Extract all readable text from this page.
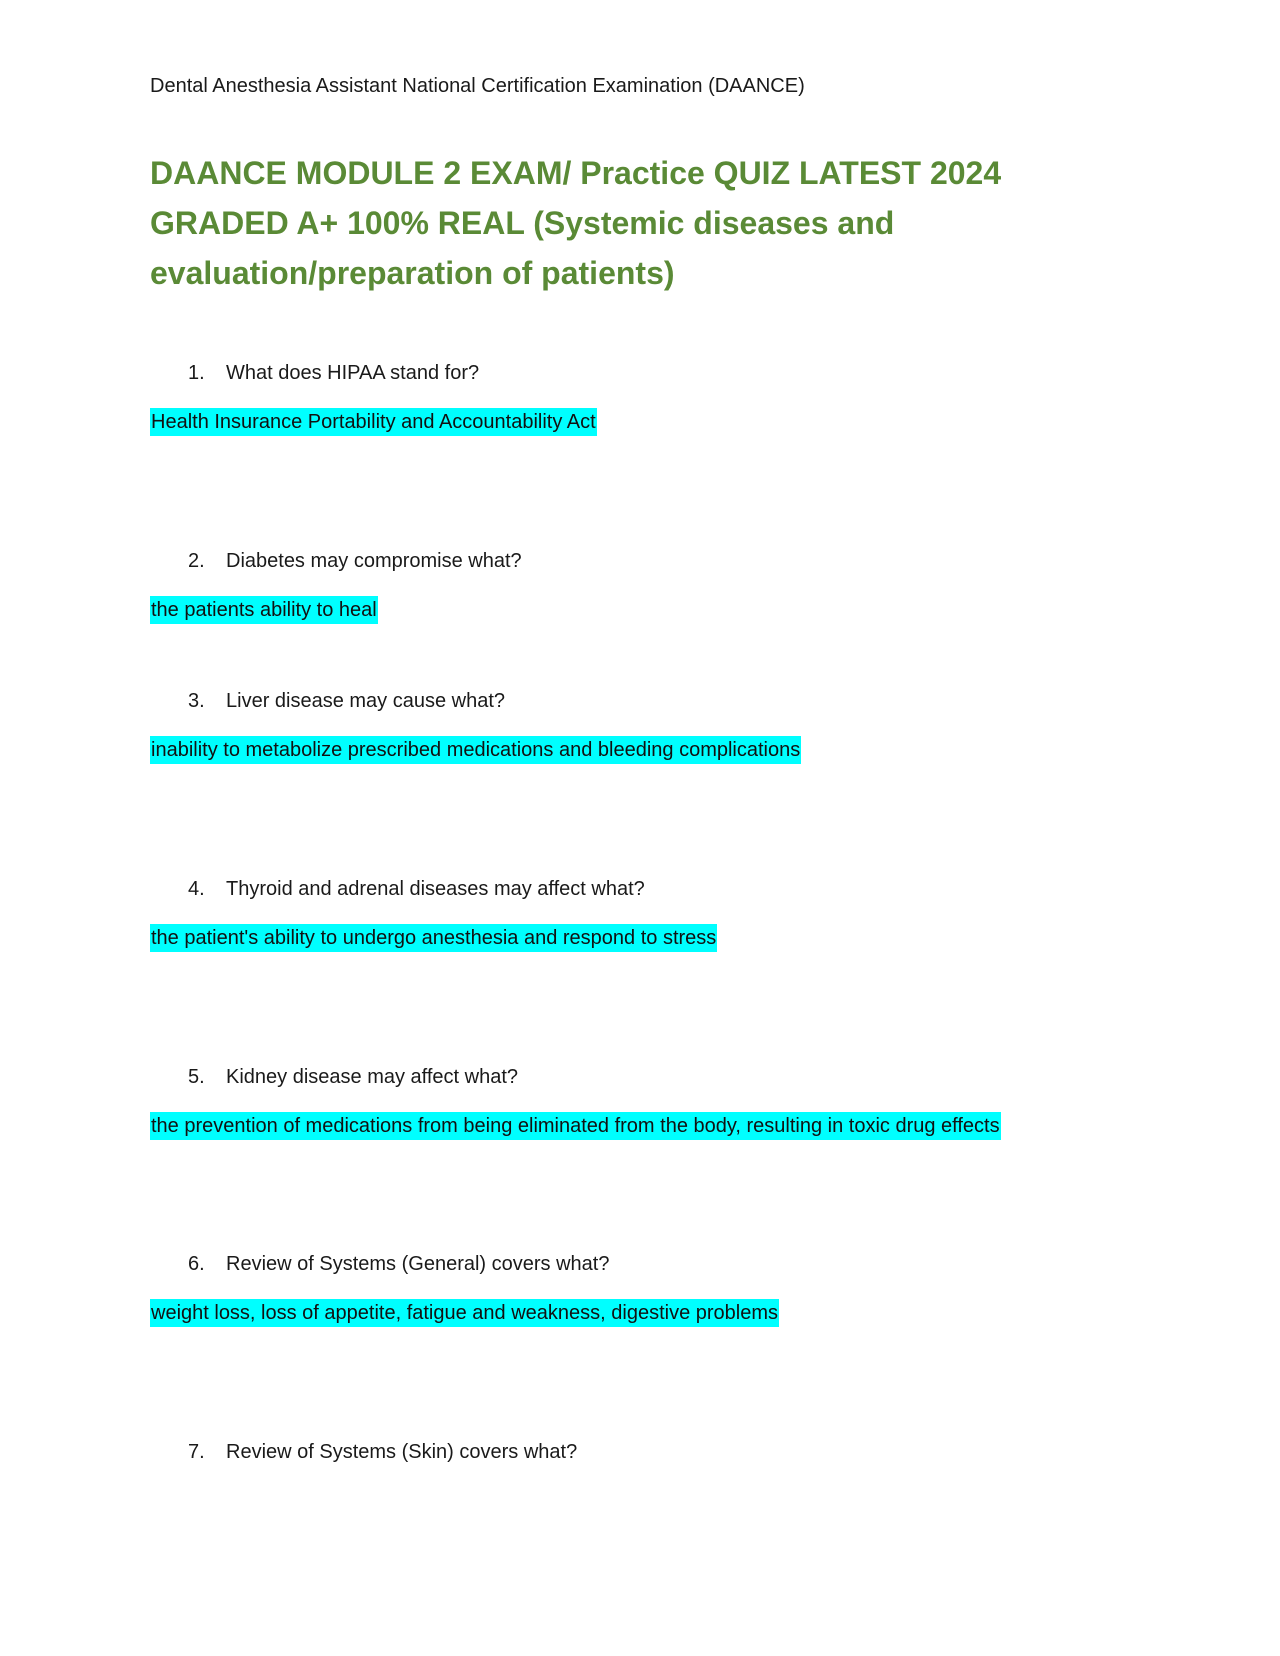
Dental Anesthesia Assistant National Certification Examination (DAANCE)
DAANCE MODULE 2 EXAM/ Practice QUIZ LATEST 2024
GRADED A+ 100% REAL (Systemic diseases and
evaluation/preparation of patients)
1. What does HIPAA stand for?
Health Insurance Portability and Accountability Act
2. Diabetes may compromise what?
the patients ability to heal
3. Liver disease may cause what?
inability to metabolize prescribed medications and bleeding complications
4. Thyroid and adrenal diseases may affect what?
the patient's ability to undergo anesthesia and respond to stress
5. Kidney disease may affect what?
the prevention of medications from being eliminated from the body, resulting in toxic drug effects
6. Review of Systems (General) covers what?
weight loss, loss of appetite, fatigue and weakness, digestive problems
7. Review of Systems (Skin) covers what?
